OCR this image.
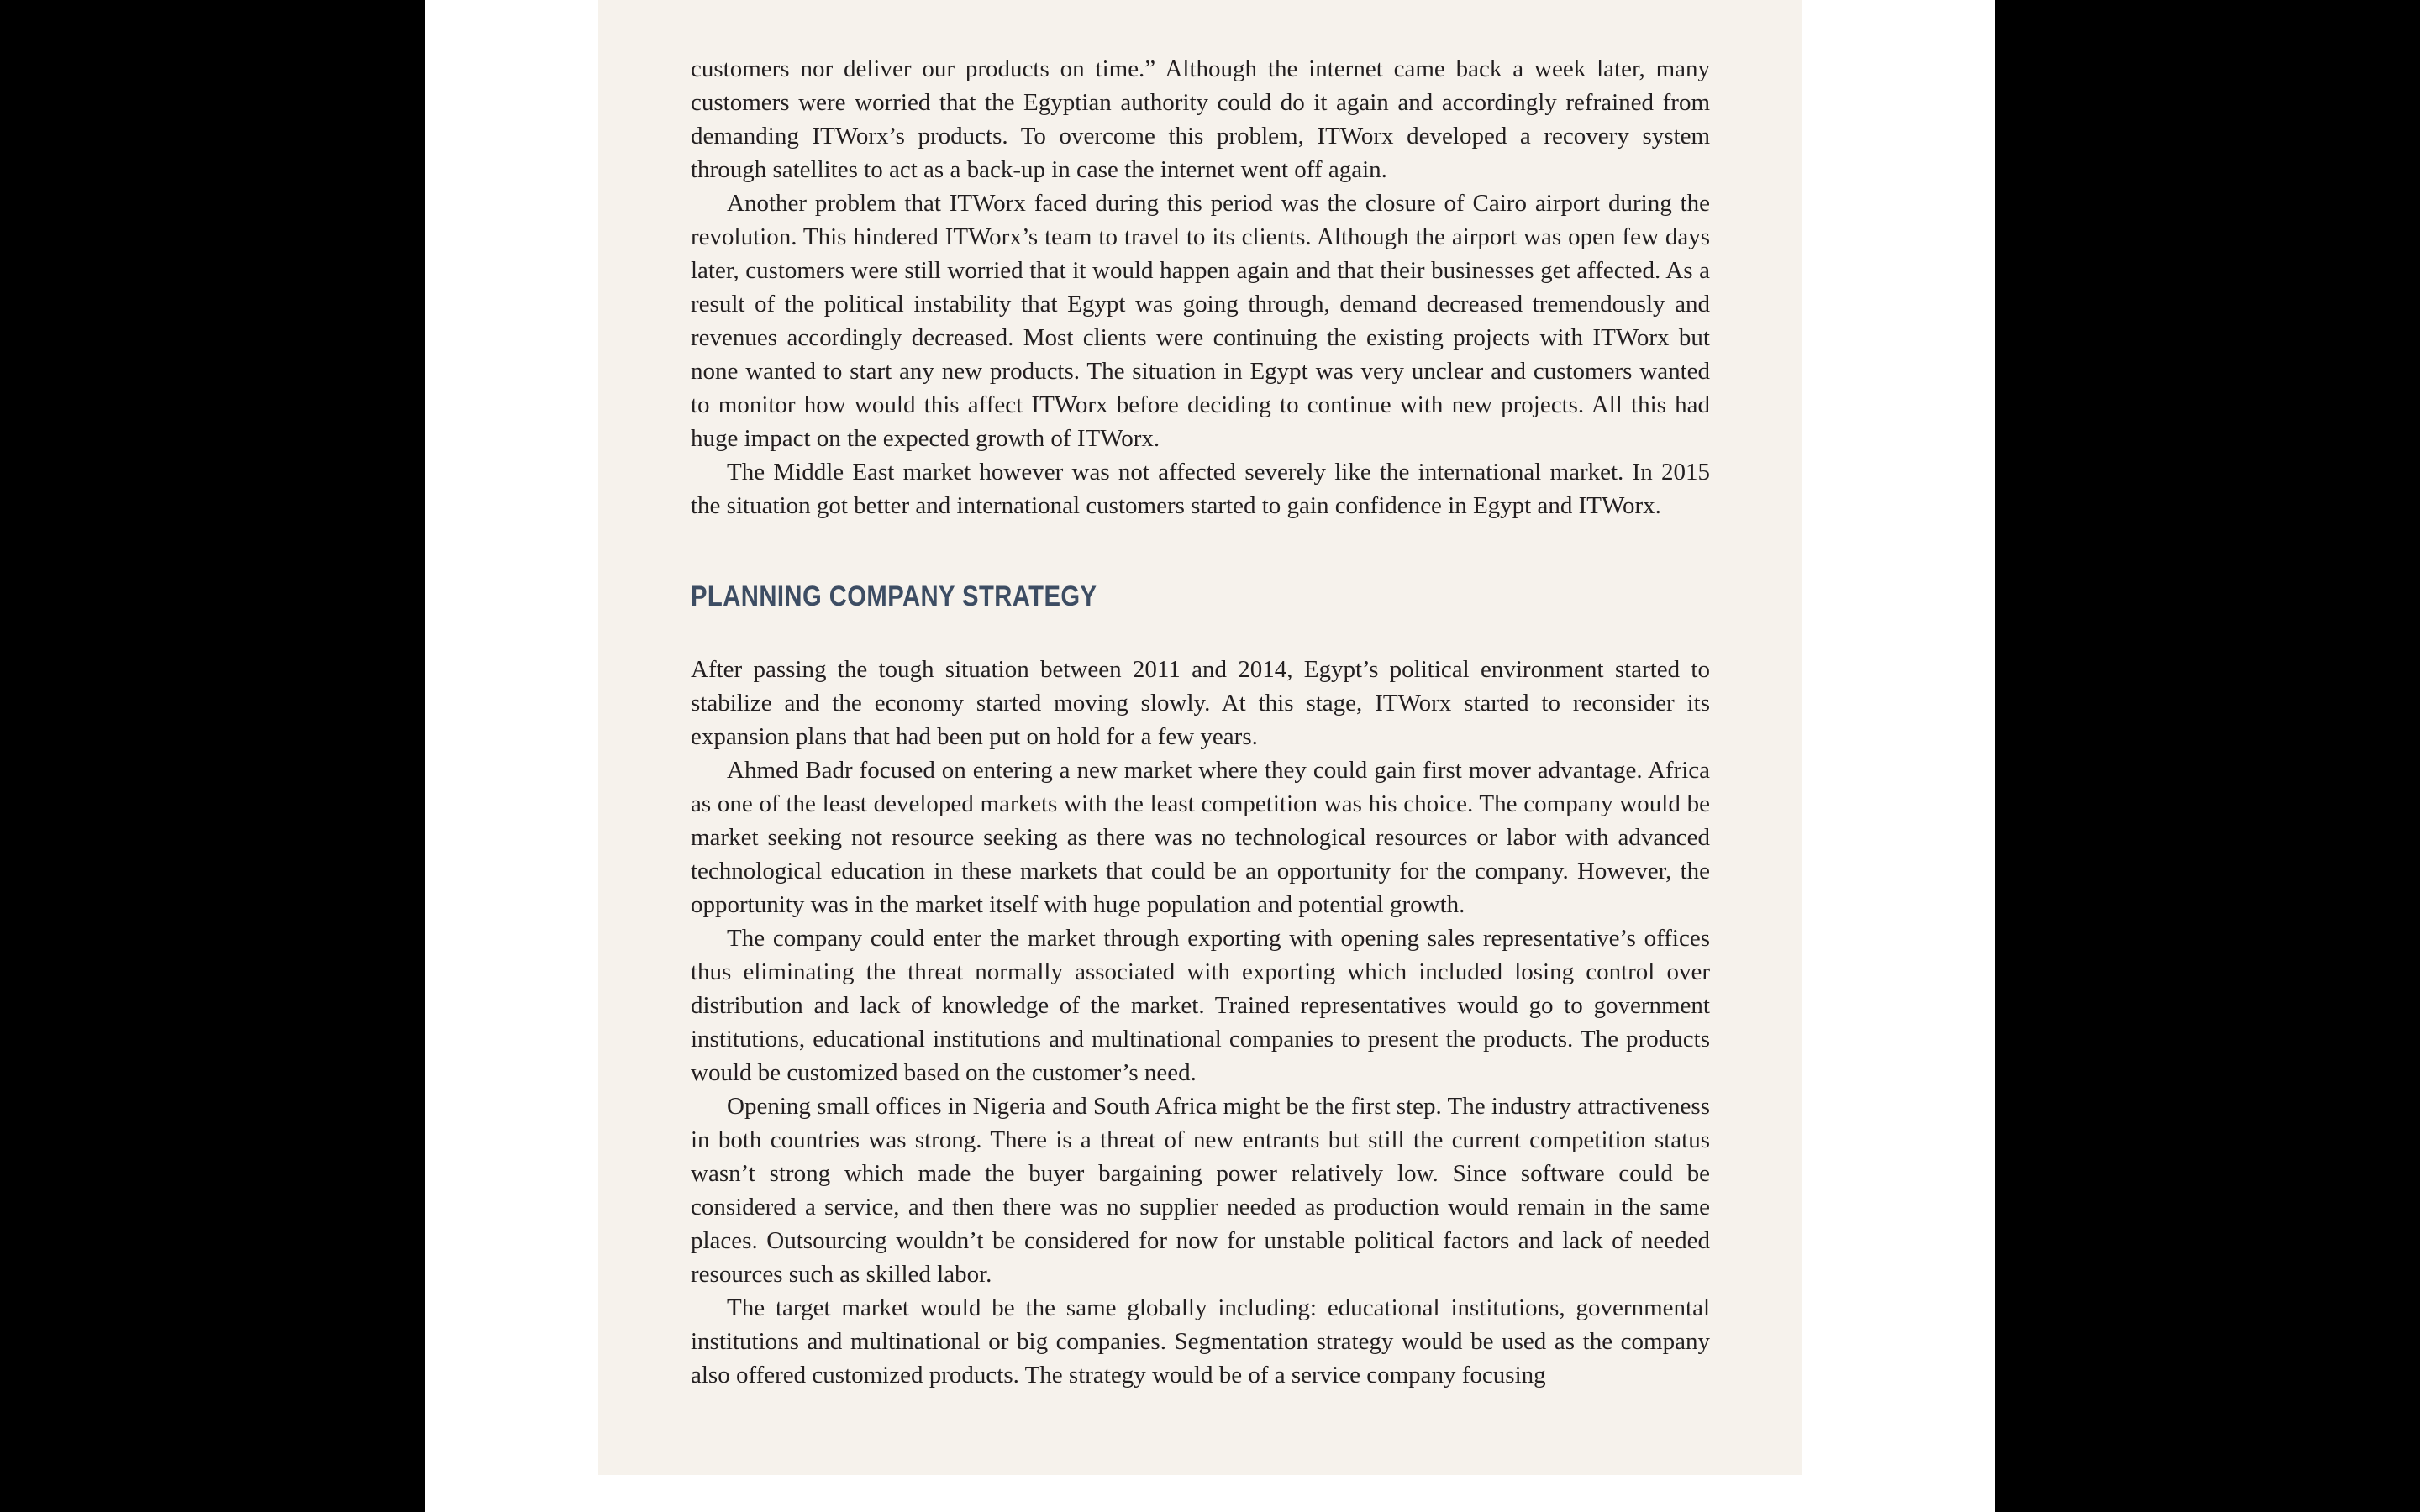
customers nor deliver our products on time.” Although the internet came back a week later, many customers were worried that the Egyptian authority could do it again and accordingly refrained from demanding ITWorx’s products. To overcome this problem, ITWorx developed a recovery system through satellites to act as a back-up in case the internet went off again.

Another problem that ITWorx faced during this period was the closure of Cairo airport during the revolution. This hindered ITWorx’s team to travel to its clients. Although the airport was open few days later, customers were still worried that it would happen again and that their businesses get affected. As a result of the political instability that Egypt was going through, demand decreased tremendously and revenues accordingly decreased. Most clients were continuing the existing projects with ITWorx but none wanted to start any new products. The situation in Egypt was very unclear and customers wanted to monitor how would this affect ITWorx before deciding to continue with new projects. All this had huge impact on the expected growth of ITWorx.

The Middle East market however was not affected severely like the international market. In 2015 the situation got better and international customers started to gain confidence in Egypt and ITWorx.

PLANNING COMPANY STRATEGY

After passing the tough situation between 2011 and 2014, Egypt’s political environment started to stabilize and the economy started moving slowly. At this stage, ITWorx started to reconsider its expansion plans that had been put on hold for a few years.

Ahmed Badr focused on entering a new market where they could gain first mover advantage. Africa as one of the least developed markets with the least competition was his choice. The company would be market seeking not resource seeking as there was no technological resources or labor with advanced technological education in these markets that could be an opportunity for the company. However, the opportunity was in the market itself with huge population and potential growth.

The company could enter the market through exporting with opening sales representative’s offices thus eliminating the threat normally associated with exporting which included losing control over distribution and lack of knowledge of the market. Trained representatives would go to government institutions, educational institutions and multinational companies to present the products. The products would be customized based on the customer’s need.

Opening small offices in Nigeria and South Africa might be the first step. The industry attractiveness in both countries was strong. There is a threat of new entrants but still the current competition status wasn’t strong which made the buyer bargaining power relatively low. Since software could be considered a service, and then there was no supplier needed as production would remain in the same places. Outsourcing wouldn’t be considered for now for unstable political factors and lack of needed resources such as skilled labor.

The target market would be the same globally including: educational institutions, governmental institutions and multinational or big companies. Segmentation strategy would be used as the company also offered customized products. The strategy would be of a service company focusing
